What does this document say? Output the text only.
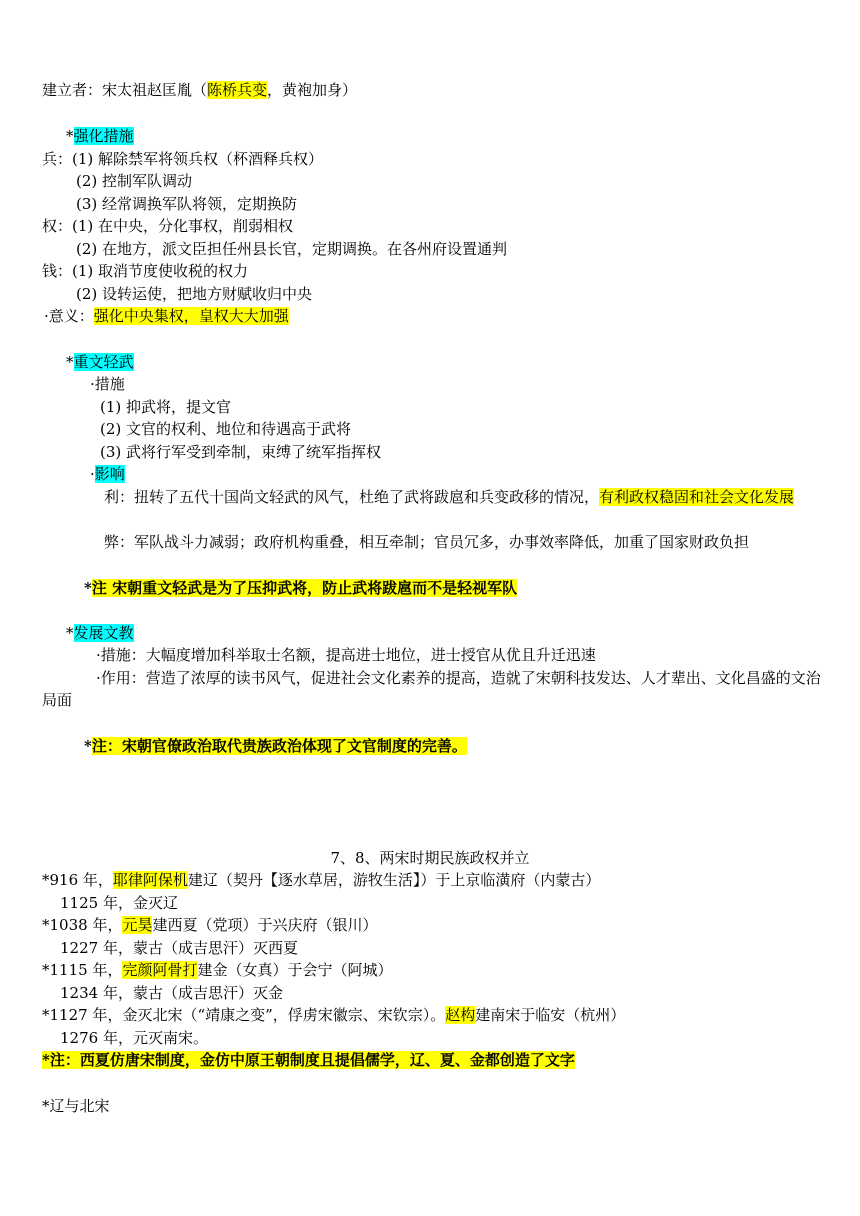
建立者：宋太祖赵匡胤（陈桥兵变，黄袍加身）
*强化措施
兵：(1) 解除禁军将领兵权（杯酒释兵权）
(2) 控制军队调动
(3) 经常调换军队将领，定期换防
权：(1) 在中央，分化事权，削弱相权
(2) 在地方，派文臣担任州县长官，定期调换。在各州府设置通判
钱：(1) 取消节度使收税的权力
(2) 设转运使，把地方财赋收归中央
·意义：强化中央集权，皇权大大加强
*重文轻武
·措施
(1) 抑武将，提文官
(2) 文官的权利、地位和待遇高于武将
(3) 武将行军受到牵制，束缚了统军指挥权
·影响
利：扭转了五代十国尚文轻武的风气，杜绝了武将跋扈和兵变政移的情况，有利政权稳固和社会文化发展
弊：军队战斗力减弱；政府机构重叠，相互牵制；官员冗多，办事效率降低，加重了国家财政负担
*注 宋朝重文轻武是为了压抑武将，防止武将跋扈而不是轻视军队
*发展文教
·措施：大幅度增加科举取士名额，提高进士地位，进士授官从优且升迁迅速
·作用：营造了浓厚的读书风气，促进社会文化素养的提高，造就了宋朝科技发达、人才辈出、文化昌盛的文治局面
*注：宋朝官僚政治取代贵族政治体现了文官制度的完善。
7、8、两宋时期民族政权并立
*916 年，耶律阿保机建辽（契丹【逐水草居，游牧生活】）于上京临潢府（内蒙古）
1125 年，金灭辽
*1038 年，元昊建西夏（党项）于兴庆府（银川）
1227 年，蒙古（成吉思汗）灭西夏
*1115 年，完颜阿骨打建金（女真）于会宁（阿城）
1234 年，蒙古（成吉思汗）灭金
*1127 年，金灭北宋（“靖康之变”，俘虏宋徽宗、宋钦宗）。赵构建南宋于临安（杭州）
1276 年，元灭南宋。
*注：西夏仿唐宋制度，金仿中原王朝制度且提倡儒学，辽、夏、金都创造了文字
*辽与北宋
